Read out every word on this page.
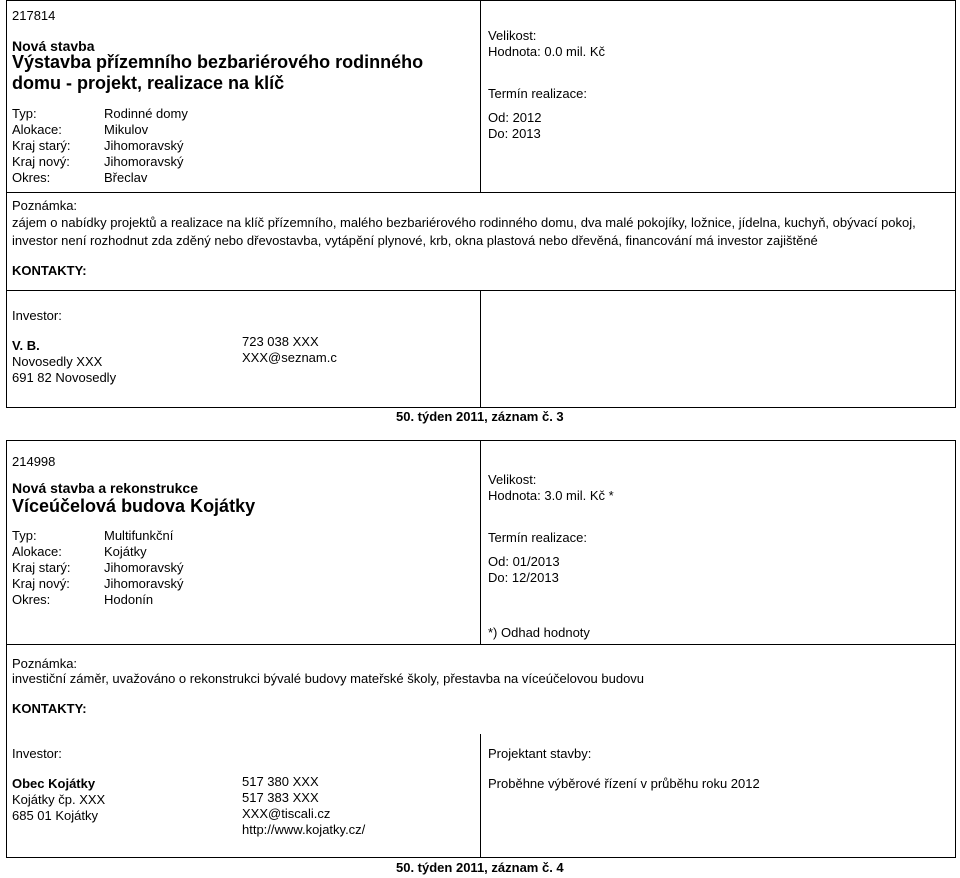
217814
Nová stavba
Výstavba přízemního bezbariérového rodinného domu - projekt, realizace na klíč
Typ:	Rodinné domy
Alokace:	Mikulov
Kraj starý:	Jihomoravský
Kraj nový:	Jihomoravský
Okres:	Břeclav
Velikost:
Hodnota: 0.0 mil. Kč
Termín realizace:
Od: 2012
Do: 2013
Poznámka:
zájem o nabídky projektů a realizace na klíč přízemního, malého bezbariérového rodinného domu, dva malé pokojíky, ložnice, jídelna, kuchyň, obývací pokoj, investor není rozhodnut zda zděný nebo dřevostavba, vytápění plynové, krb, okna plastová nebo dřevěná, financování má investor zajištěné
KONTAKTY:
Investor:
V. B.
Novosedly XXX
691 82 Novosedly
723 038 XXX
XXX@seznam.c
50. týden 2011, záznam č. 3
214998
Nová stavba a rekonstrukce
Víceúčelová budova Kojátky
Typ:	Multifunkční
Alokace:	Kojátky
Kraj starý:	Jihomoravský
Kraj nový:	Jihomoravský
Okres:	Hodonín
Velikost:
Hodnota: 3.0 mil. Kč *
Termín realizace:
Od: 01/2013
Do: 12/2013
*) Odhad hodnoty
Poznámka:
investiční záměr, uvažováno o rekonstrukci bývalé budovy mateřské školy, přestavba na víceúčelovou budovu
KONTAKTY:
Investor:
Obec Kojátky
Kojátky čp. XXX
685 01 Kojátky
517 380 XXX
517 383 XXX
XXX@tiscali.cz
http://www.kojatky.cz/
Projektant stavby:
Proběhne výběrové řízení v průběhu roku 2012
50. týden 2011, záznam č. 4
